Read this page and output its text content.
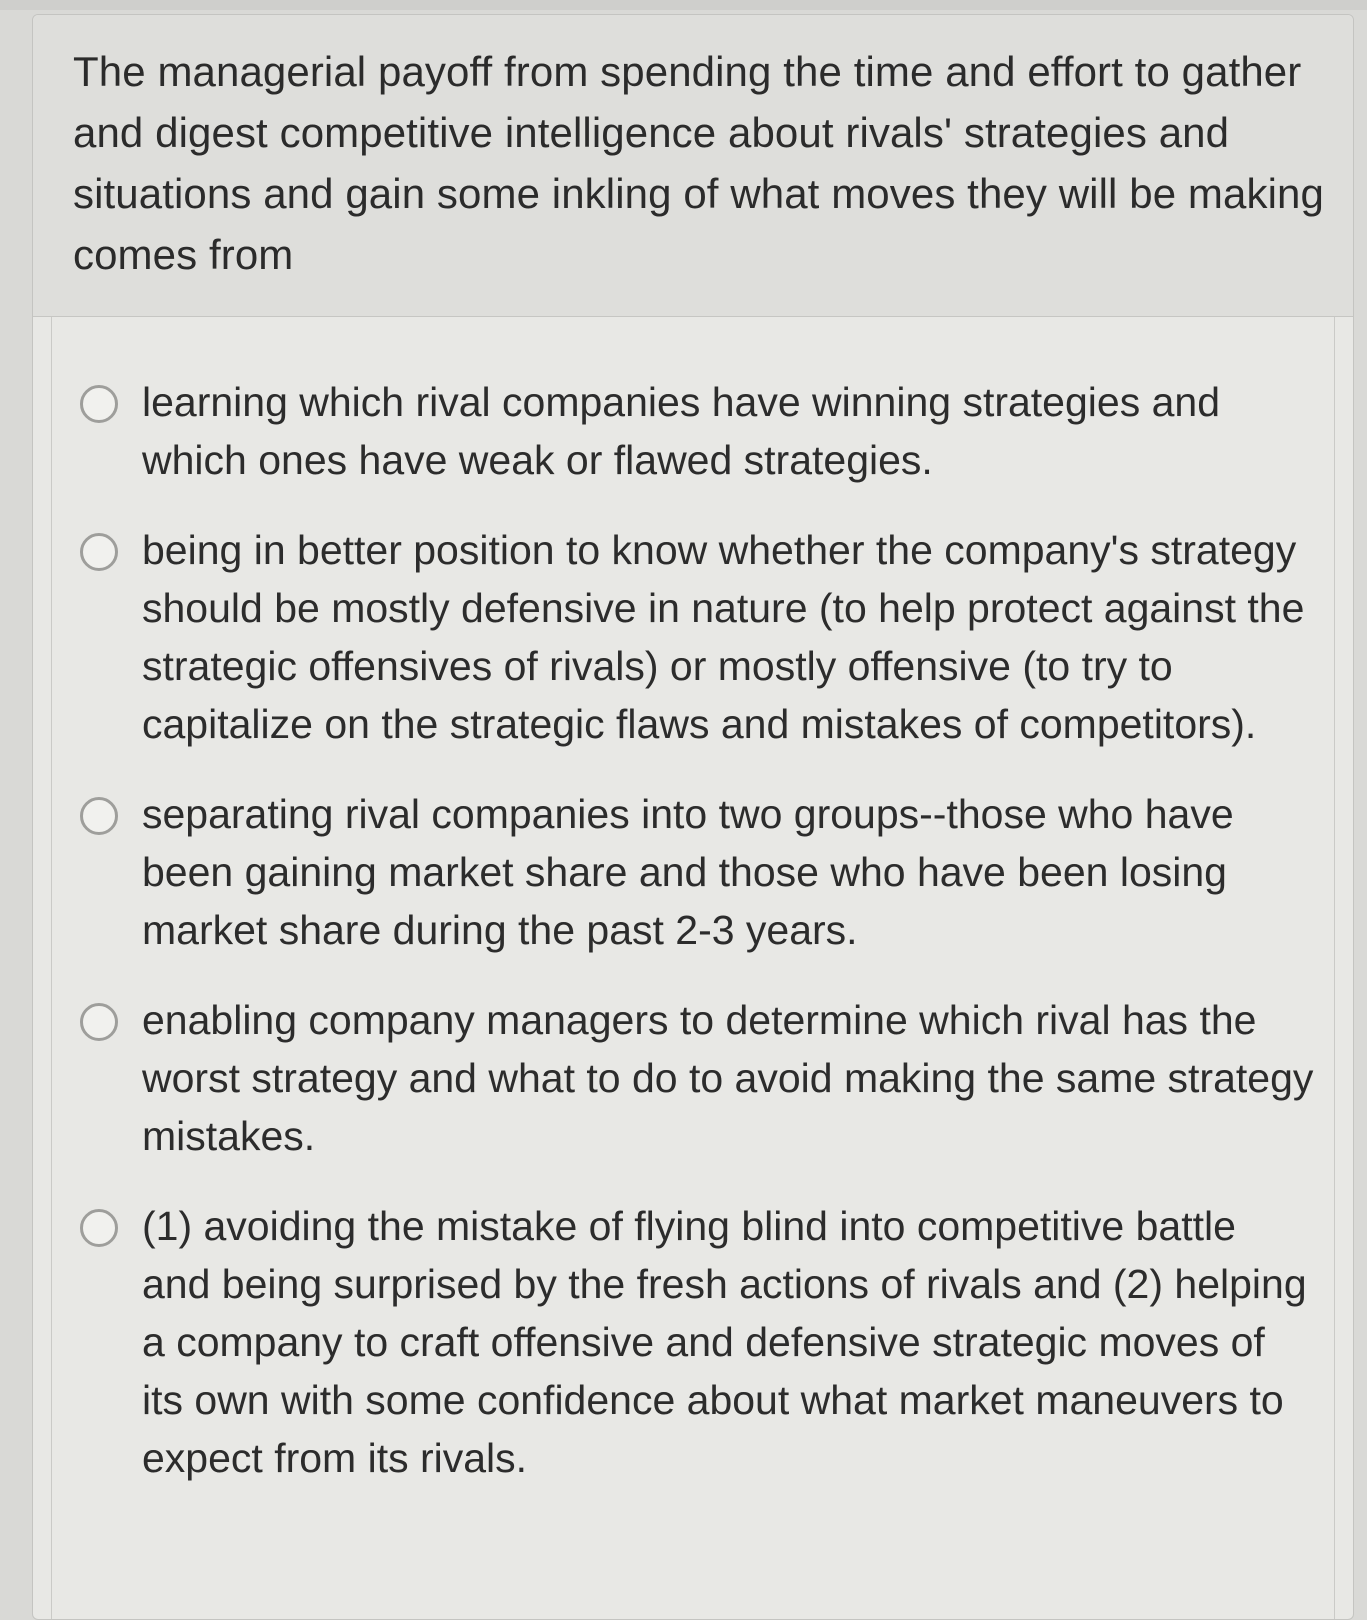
The managerial payoff from spending the time and effort to gather and digest competitive intelligence about rivals' strategies and situations and gain some inkling of what moves they will be making comes from

learning which rival companies have winning strategies and which ones have weak or flawed strategies.
being in better position to know whether the company's strategy should be mostly defensive in nature (to help protect against the strategic offensives of rivals) or mostly offensive (to try to capitalize on the strategic flaws and mistakes of competitors).
separating rival companies into two groups--those who have been gaining market share and those who have been losing market share during the past 2-3 years.
enabling company managers to determine which rival has the worst strategy and what to do to avoid making the same strategy mistakes.
(1) avoiding the mistake of flying blind into competitive battle and being surprised by the fresh actions of rivals and (2) helping a company to craft offensive and defensive strategic moves of its own with some confidence about what market maneuvers to expect from its rivals.
